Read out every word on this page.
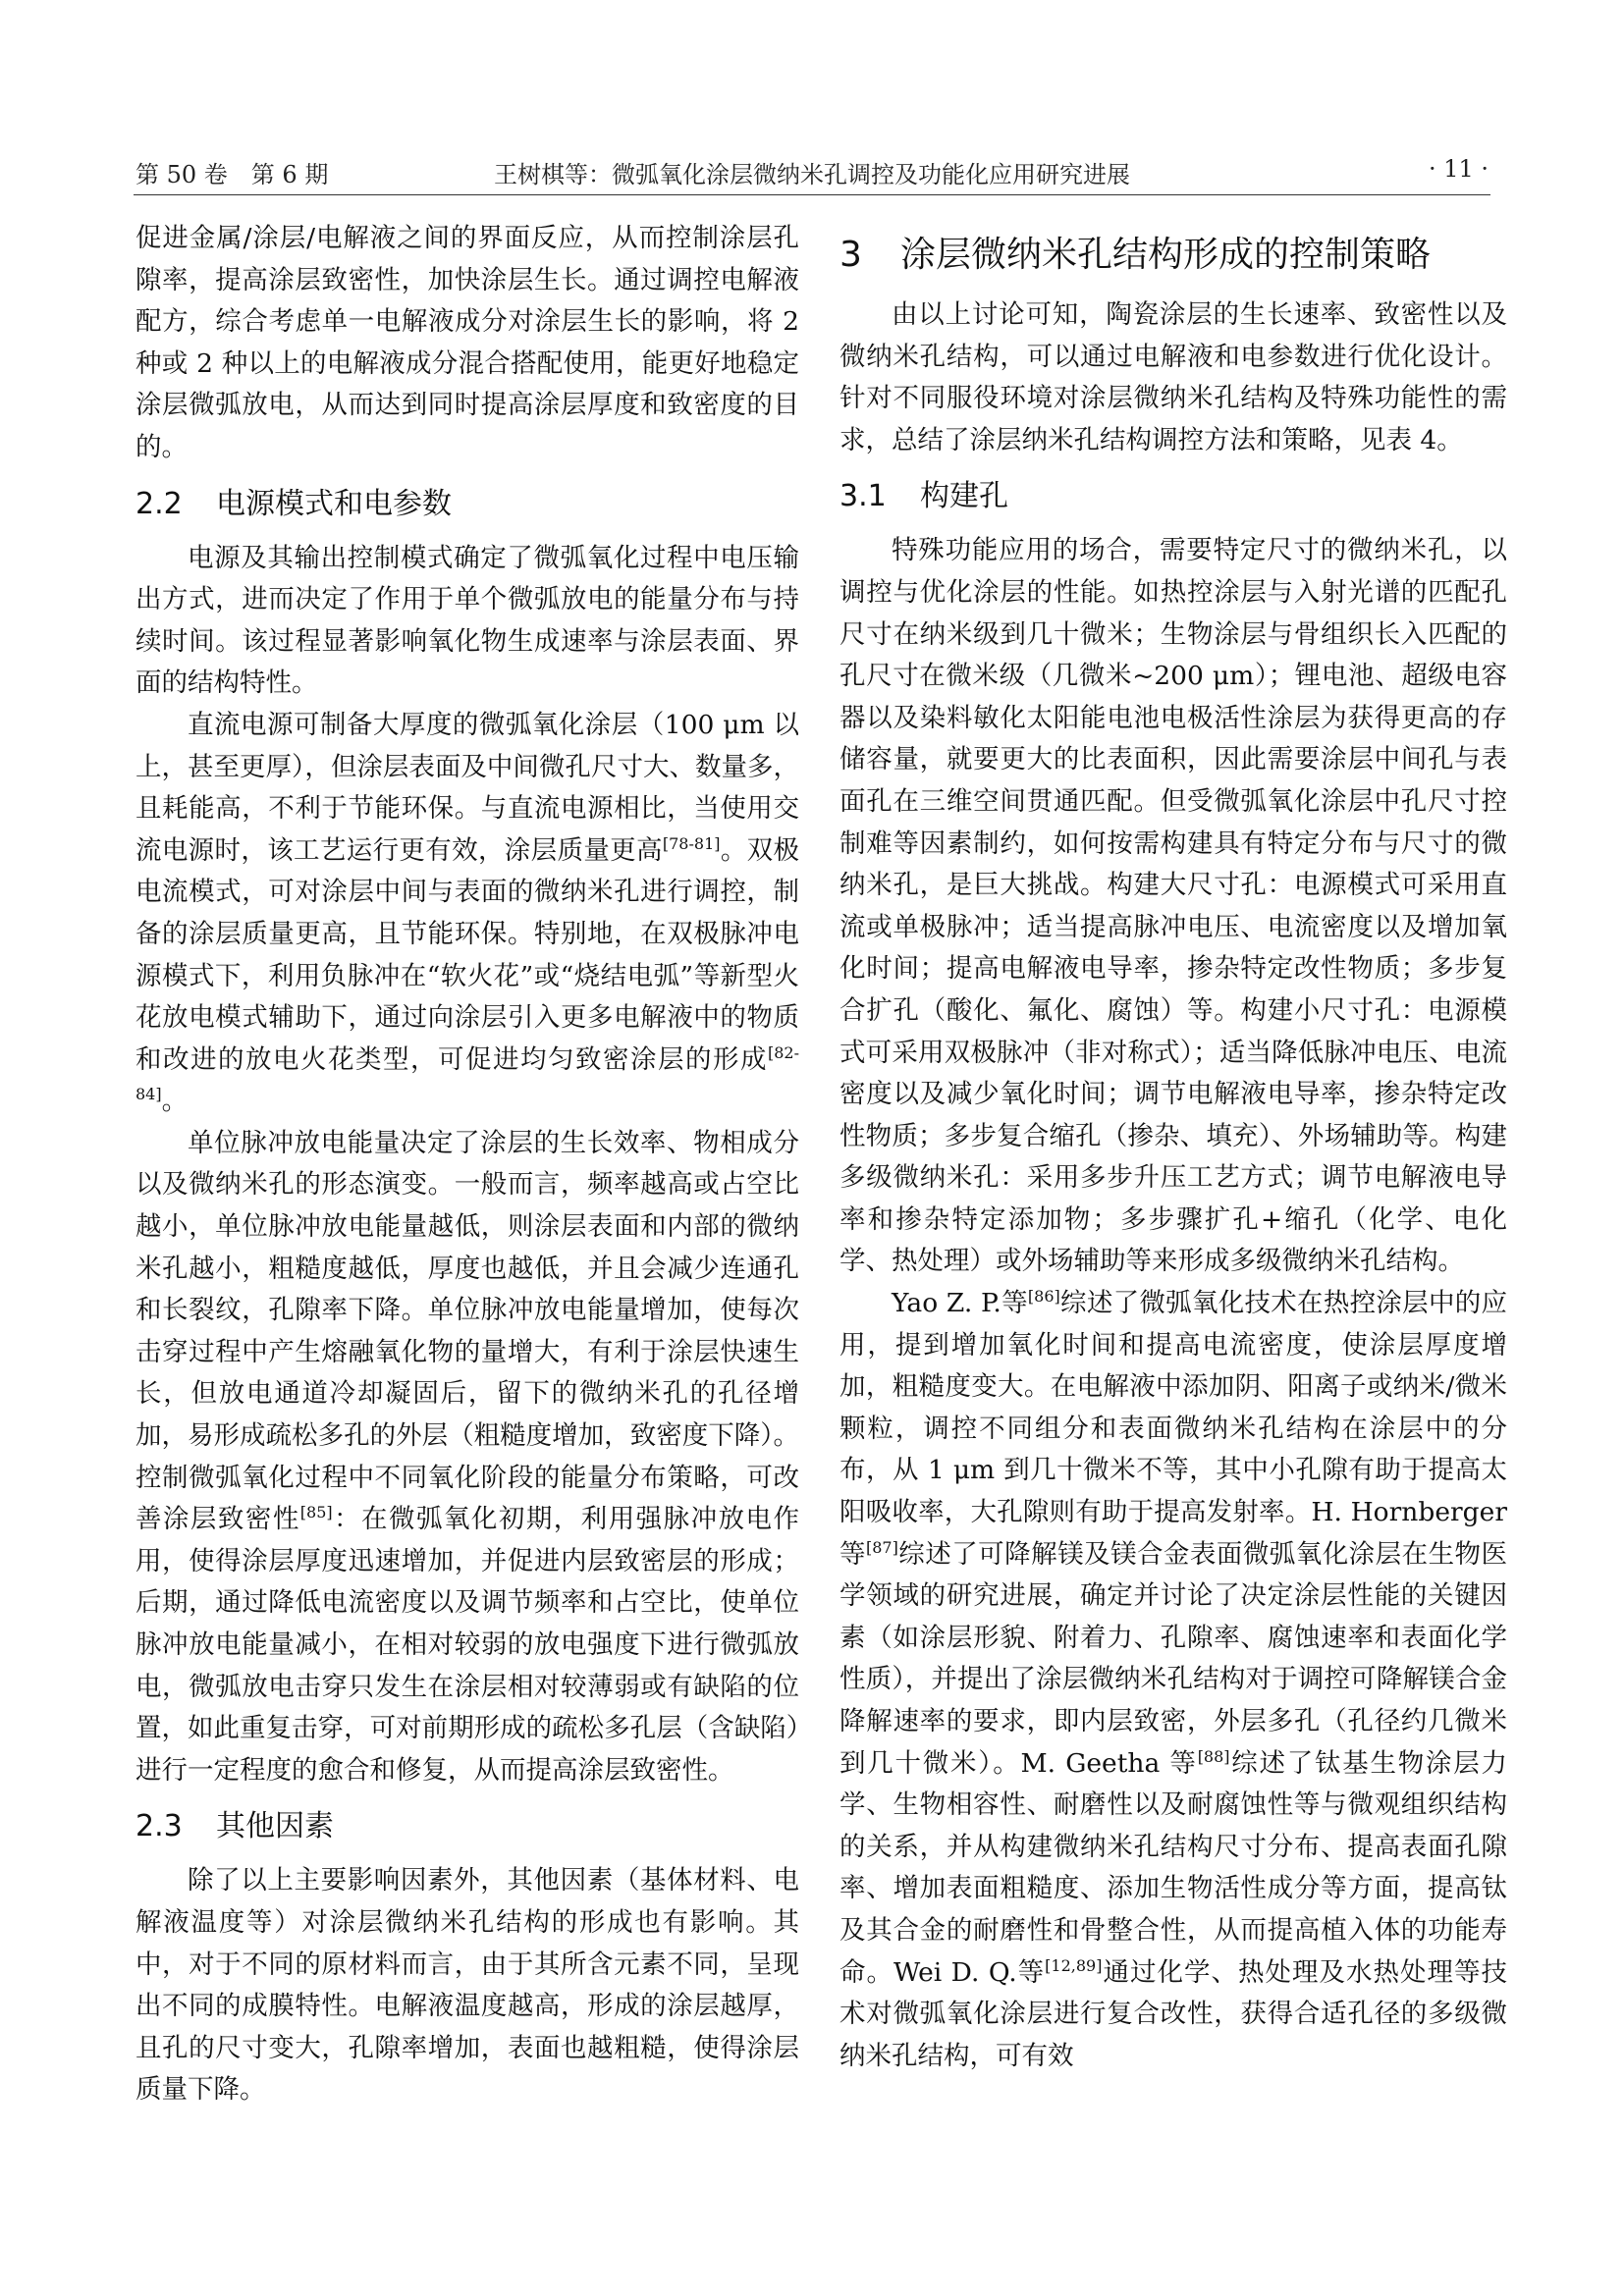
第 50 卷　第 6 期	王树棋等：微弧氧化涂层微纳米孔调控及功能化应用研究进展	· 11 ·

促进金属/涂层/电解液之间的界面反应，从而控制涂层孔隙率，提高涂层致密性，加快涂层生长。通过调控电解液配方，综合考虑单一电解液成分对涂层生长的影响，将 2 种或 2 种以上的电解液成分混合搭配使用，能更好地稳定涂层微弧放电，从而达到同时提高涂层厚度和致密度的目的。

2.2 电源模式和电参数

电源及其输出控制模式确定了微弧氧化过程中电压输出方式，进而决定了作用于单个微弧放电的能量分布与持续时间。该过程显著影响氧化物生成速率与涂层表面、界面的结构特性。

直流电源可制备大厚度的微弧氧化涂层（100 μm 以上，甚至更厚），但涂层表面及中间微孔尺寸大、数量多，且耗能高，不利于节能环保。与直流电源相比，当使用交流电源时，该工艺运行更有效，涂层质量更高[78-81]。双极电流模式，可对涂层中间与表面的微纳米孔进行调控，制备的涂层质量更高，且节能环保。特别地，在双极脉冲电源模式下，利用负脉冲在“软火花”或“烧结电弧”等新型火花放电模式辅助下，通过向涂层引入更多电解液中的物质和改进的放电火花类型，可促进均匀致密涂层的形成[82-84]。

单位脉冲放电能量决定了涂层的生长效率、物相成分以及微纳米孔的形态演变。一般而言，频率越高或占空比越小，单位脉冲放电能量越低，则涂层表面和内部的微纳米孔越小，粗糙度越低，厚度也越低，并且会减少连通孔和长裂纹，孔隙率下降。单位脉冲放电能量增加，使每次击穿过程中产生熔融氧化物的量增大，有利于涂层快速生长，但放电通道冷却凝固后，留下的微纳米孔的孔径增加，易形成疏松多孔的外层（粗糙度增加，致密度下降）。控制微弧氧化过程中不同氧化阶段的能量分布策略，可改善涂层致密性[85]：在微弧氧化初期，利用强脉冲放电作用，使得涂层厚度迅速增加，并促进内层致密层的形成；后期，通过降低电流密度以及调节频率和占空比，使单位脉冲放电能量减小，在相对较弱的放电强度下进行微弧放电，微弧放电击穿只发生在涂层相对较薄弱或有缺陷的位置，如此重复击穿，可对前期形成的疏松多孔层（含缺陷）进行一定程度的愈合和修复，从而提高涂层致密性。

2.3 其他因素

除了以上主要影响因素外，其他因素（基体材料、电解液温度等）对涂层微纳米孔结构的形成也有影响。其中，对于不同的原材料而言，由于其所含元素不同，呈现出不同的成膜特性。电解液温度越高，形成的涂层越厚，且孔的尺寸变大，孔隙率增加，表面也越粗糙，使得涂层质量下降。

3 涂层微纳米孔结构形成的控制策略

由以上讨论可知，陶瓷涂层的生长速率、致密性以及微纳米孔结构，可以通过电解液和电参数进行优化设计。针对不同服役环境对涂层微纳米孔结构及特殊功能性的需求，总结了涂层纳米孔结构调控方法和策略，见表 4。

3.1 构建孔

特殊功能应用的场合，需要特定尺寸的微纳米孔，以调控与优化涂层的性能。如热控涂层与入射光谱的匹配孔尺寸在纳米级到几十微米；生物涂层与骨组织长入匹配的孔尺寸在微米级（几微米~200 μm）；锂电池、超级电容器以及染料敏化太阳能电池电极活性涂层为获得更高的存储容量，就要更大的比表面积，因此需要涂层中间孔与表面孔在三维空间贯通匹配。但受微弧氧化涂层中孔尺寸控制难等因素制约，如何按需构建具有特定分布与尺寸的微纳米孔，是巨大挑战。构建大尺寸孔：电源模式可采用直流或单极脉冲；适当提高脉冲电压、电流密度以及增加氧化时间；提高电解液电导率，掺杂特定改性物质；多步复合扩孔（酸化、氟化、腐蚀）等。构建小尺寸孔：电源模式可采用双极脉冲（非对称式）；适当降低脉冲电压、电流密度以及减少氧化时间；调节电解液电导率，掺杂特定改性物质；多步复合缩孔（掺杂、填充）、外场辅助等。构建多级微纳米孔：采用多步升压工艺方式；调节电解液电导率和掺杂特定添加物；多步骤扩孔+缩孔（化学、电化学、热处理）或外场辅助等来形成多级微纳米孔结构。

Yao Z. P.等[86]综述了微弧氧化技术在热控涂层中的应用，提到增加氧化时间和提高电流密度，使涂层厚度增加，粗糙度变大。在电解液中添加阴、阳离子或纳米/微米颗粒，调控不同组分和表面微纳米孔结构在涂层中的分布，从 1 μm 到几十微米不等，其中小孔隙有助于提高太阳吸收率，大孔隙则有助于提高发射率。H. Hornberger 等[87]综述了可降解镁及镁合金表面微弧氧化涂层在生物医学领域的研究进展，确定并讨论了决定涂层性能的关键因素（如涂层形貌、附着力、孔隙率、腐蚀速率和表面化学性质），并提出了涂层微纳米孔结构对于调控可降解镁合金降解速率的要求，即内层致密，外层多孔（孔径约几微米到几十微米）。M. Geetha 等[88]综述了钛基生物涂层力学、生物相容性、耐磨性以及耐腐蚀性等与微观组织结构的关系，并从构建微纳米孔结构尺寸分布、提高表面孔隙率、增加表面粗糙度、添加生物活性成分等方面，提高钛及其合金的耐磨性和骨整合性，从而提高植入体的功能寿命。Wei D. Q.等[12,89]通过化学、热处理及水热处理等技术对微弧氧化涂层进行复合改性，获得合适孔径的多级微纳米孔结构，可有效
